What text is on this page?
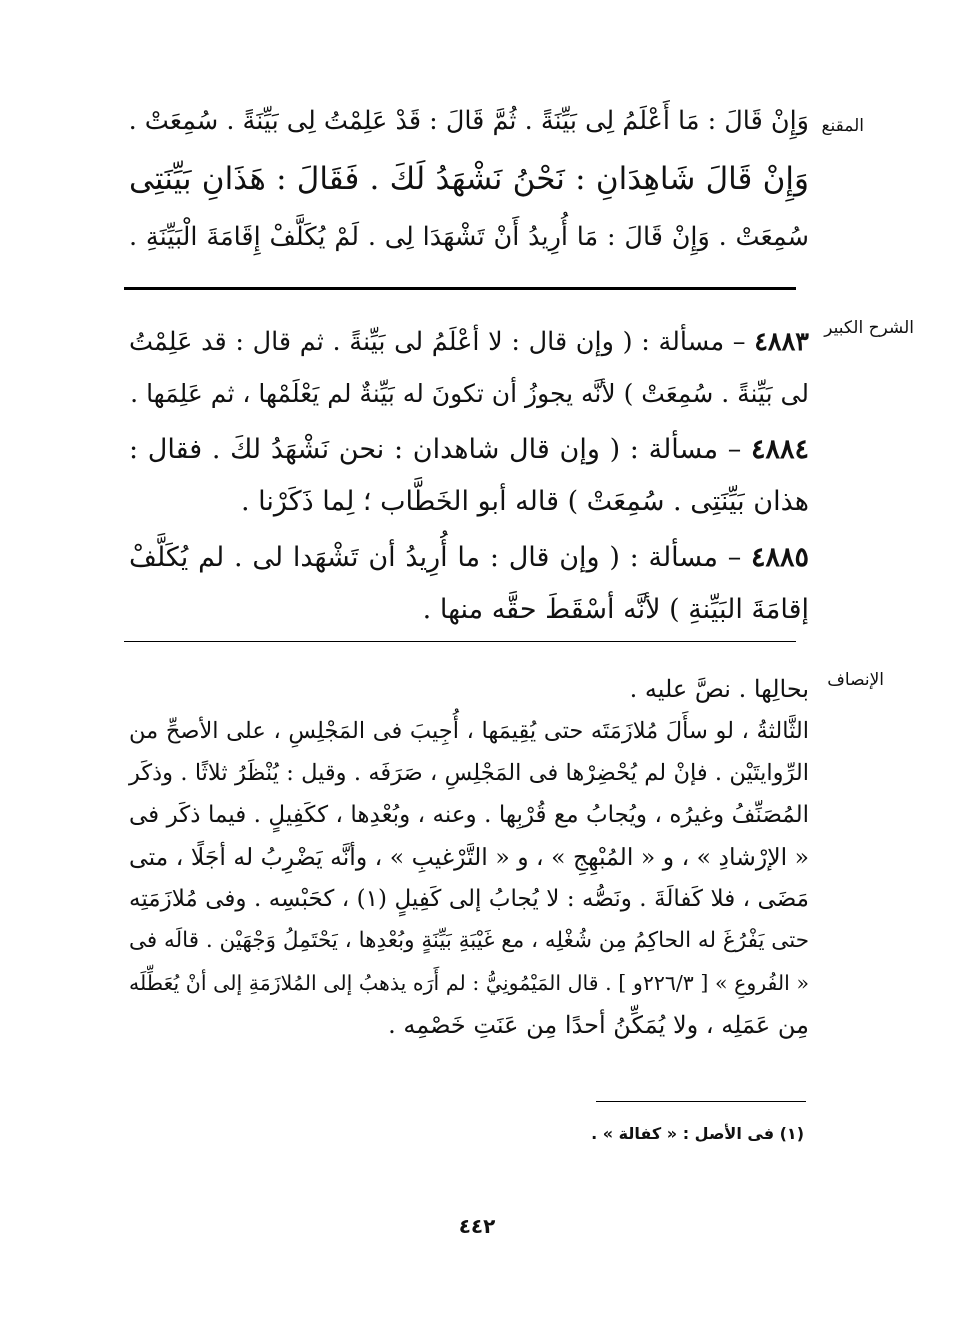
المقنع
وَإِنْ قَالَ : مَا أَعْلَمُ لِى بَيِّنَةً . ثُمَّ قَالَ : قَدْ عَلِمْتُ لِى بَيِّنَةً . سُمِعَتْ .
وَإِنْ قَالَ شَاهِدَانِ : نَحْنُ نَشْهَدُ لَكَ . فَقَالَ : هَذَانِ بَيِّنَتِى
سُمِعَتْ . وَإِنْ قَالَ : مَا أُرِيدُ أَنْ تَشْهَدَا لِى . لَمْ يُكَلَّفْ إِقَامَةَ الْبَيِّنَةِ .
الشرح الكبير
٤٨٨٣ – مسألة : ( وإن قال : لا أعْلَمُ لى بَيِّنةً . ثم قال : قد عَلِمْتُ
لى بَيِّنةً . سُمِعَتْ ) لأنَّه يجوزُ أن تكونَ له بَيِّنةٌ لم يَعْلَمْها ، ثم عَلِمَها .
٤٨٨٤ – مسألة : ( وإن قال شاهدان : نحن نَشْهَدُ لكَ . فقال :
هذان بَيِّنَتِى . سُمِعَتْ ) قاله أبو الخَطَّاب ؛ لِما ذَكَرْنا .
٤٨٨٥ – مسألة : ( وإن قال : ما أُرِيدُ أن تَشْهَدا لى . لم يُكَلَّفْ
إقامَةَ البَيِّنةِ ) لأنَّه أسْقَطَ حقَّه منها .
الإنصاف
بحالِها . نصَّ عليه .
الثَّالثةُ ، لو سأَلَ مُلازَمَتَه حتى يُقِيمَها ، أُجِيبَ فى المَجْلِسِ ، على الأصحِّ من
الرِّوايتَيْن . فإنْ لم يُحْضِرْها فى المَجْلِسِ ، صَرَفَه . وقيل : يُنْظَرُ ثلاثًا . وذكَر
المُصَنِّفُ وغيرُه ، ويُجابُ مع قُرْبِها . وعنه ، وبُعْدِها ، ككَفِيلٍ . فيما ذكَر فى
« الإرْشادِ » ، و « المُبْهِجِ » ، و « التَّرْغيبِ » ، وأنَّه يَضْرِبُ له أجَلًا ، متى
مَضَى ، فلا كَفالَةَ . ونَصُّه : لا يُجابُ إلى كَفِيلٍ (١) ، كحَبْسِه . وفى مُلازَمَتِه
حتى يَفْرُغَ له الحاكِمُ مِن شُغْلِه ، مع غَيْبَةِ بَيِّنَةٍ وبُعْدِها ، يَحْتَمِلُ وَجْهَيْن . قالَه فى
« الفُروعِ » [ ٢٢٦/٣و ] . قال المَيْمُونِيُّ : لم أَرَه يذهبُ إلى المُلازَمَةِ إلى أنْ يُعَطِّلَه
مِن عَمَلِه ، ولا يُمَكِّنُ أحدًا مِن عَنَتِ خَصْمِه .
(١) فى الأصل : « كفالة » .
٤٤٢
